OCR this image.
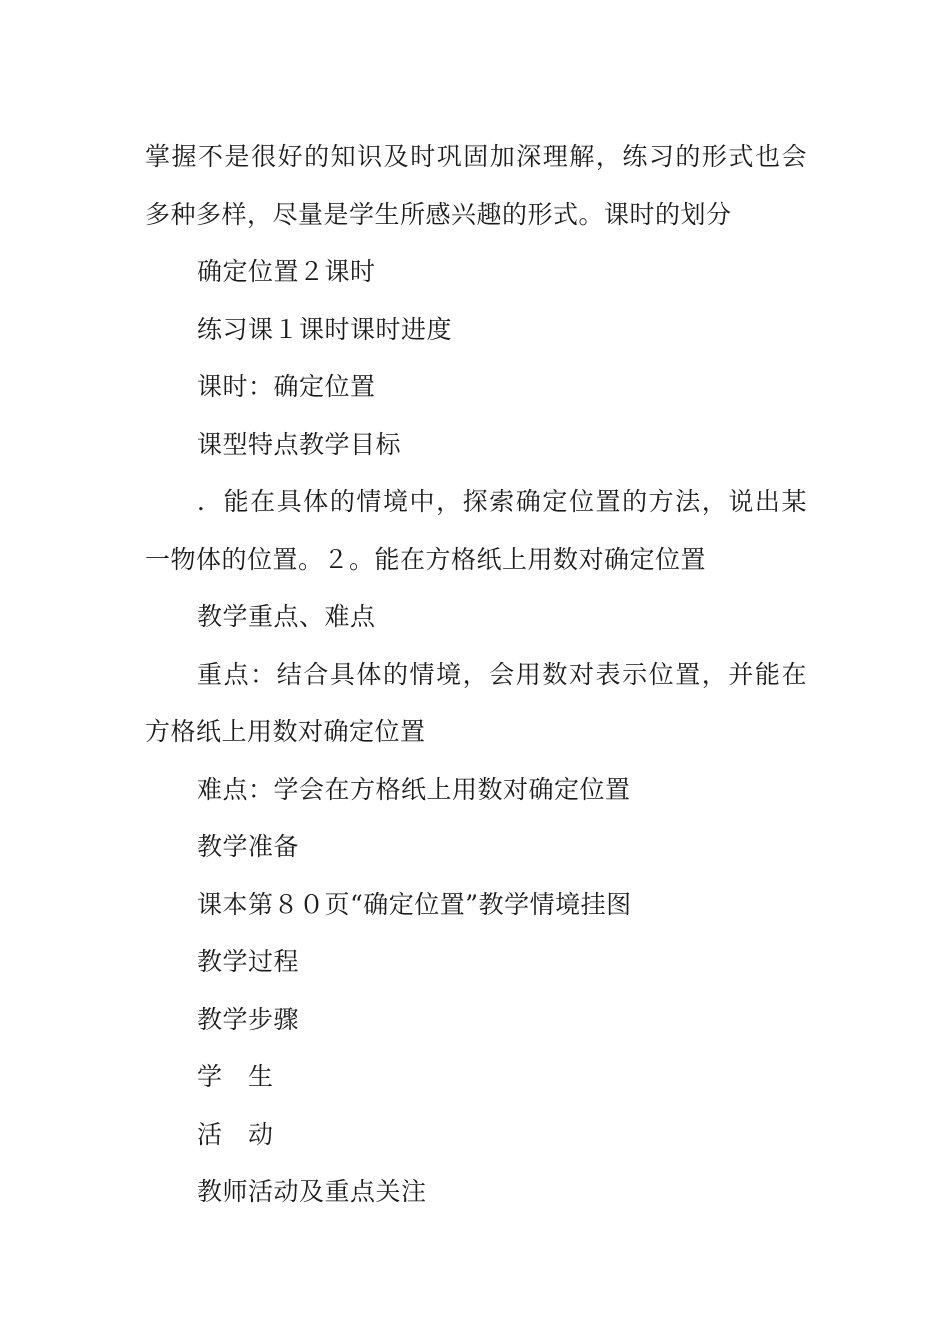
掌握不是很好的知识及时巩固加深理解，练习的形式也会多种多样，尽量是学生所感兴趣的形式。课时的划分

确定位置２课时

练习课１课时课时进度

课时：确定位置

课型特点教学目标

．能在具体的情境中，探索确定位置的方法，说出某一物体的位置。２。能在方格纸上用数对确定位置

教学重点、难点

重点：结合具体的情境，会用数对表示位置，并能在方格纸上用数对确定位置

难点：学会在方格纸上用数对确定位置

教学准备

课本第８０页“确定位置”教学情境挂图

教学过程

教学步骤

学　生

活　动

教师活动及重点关注
